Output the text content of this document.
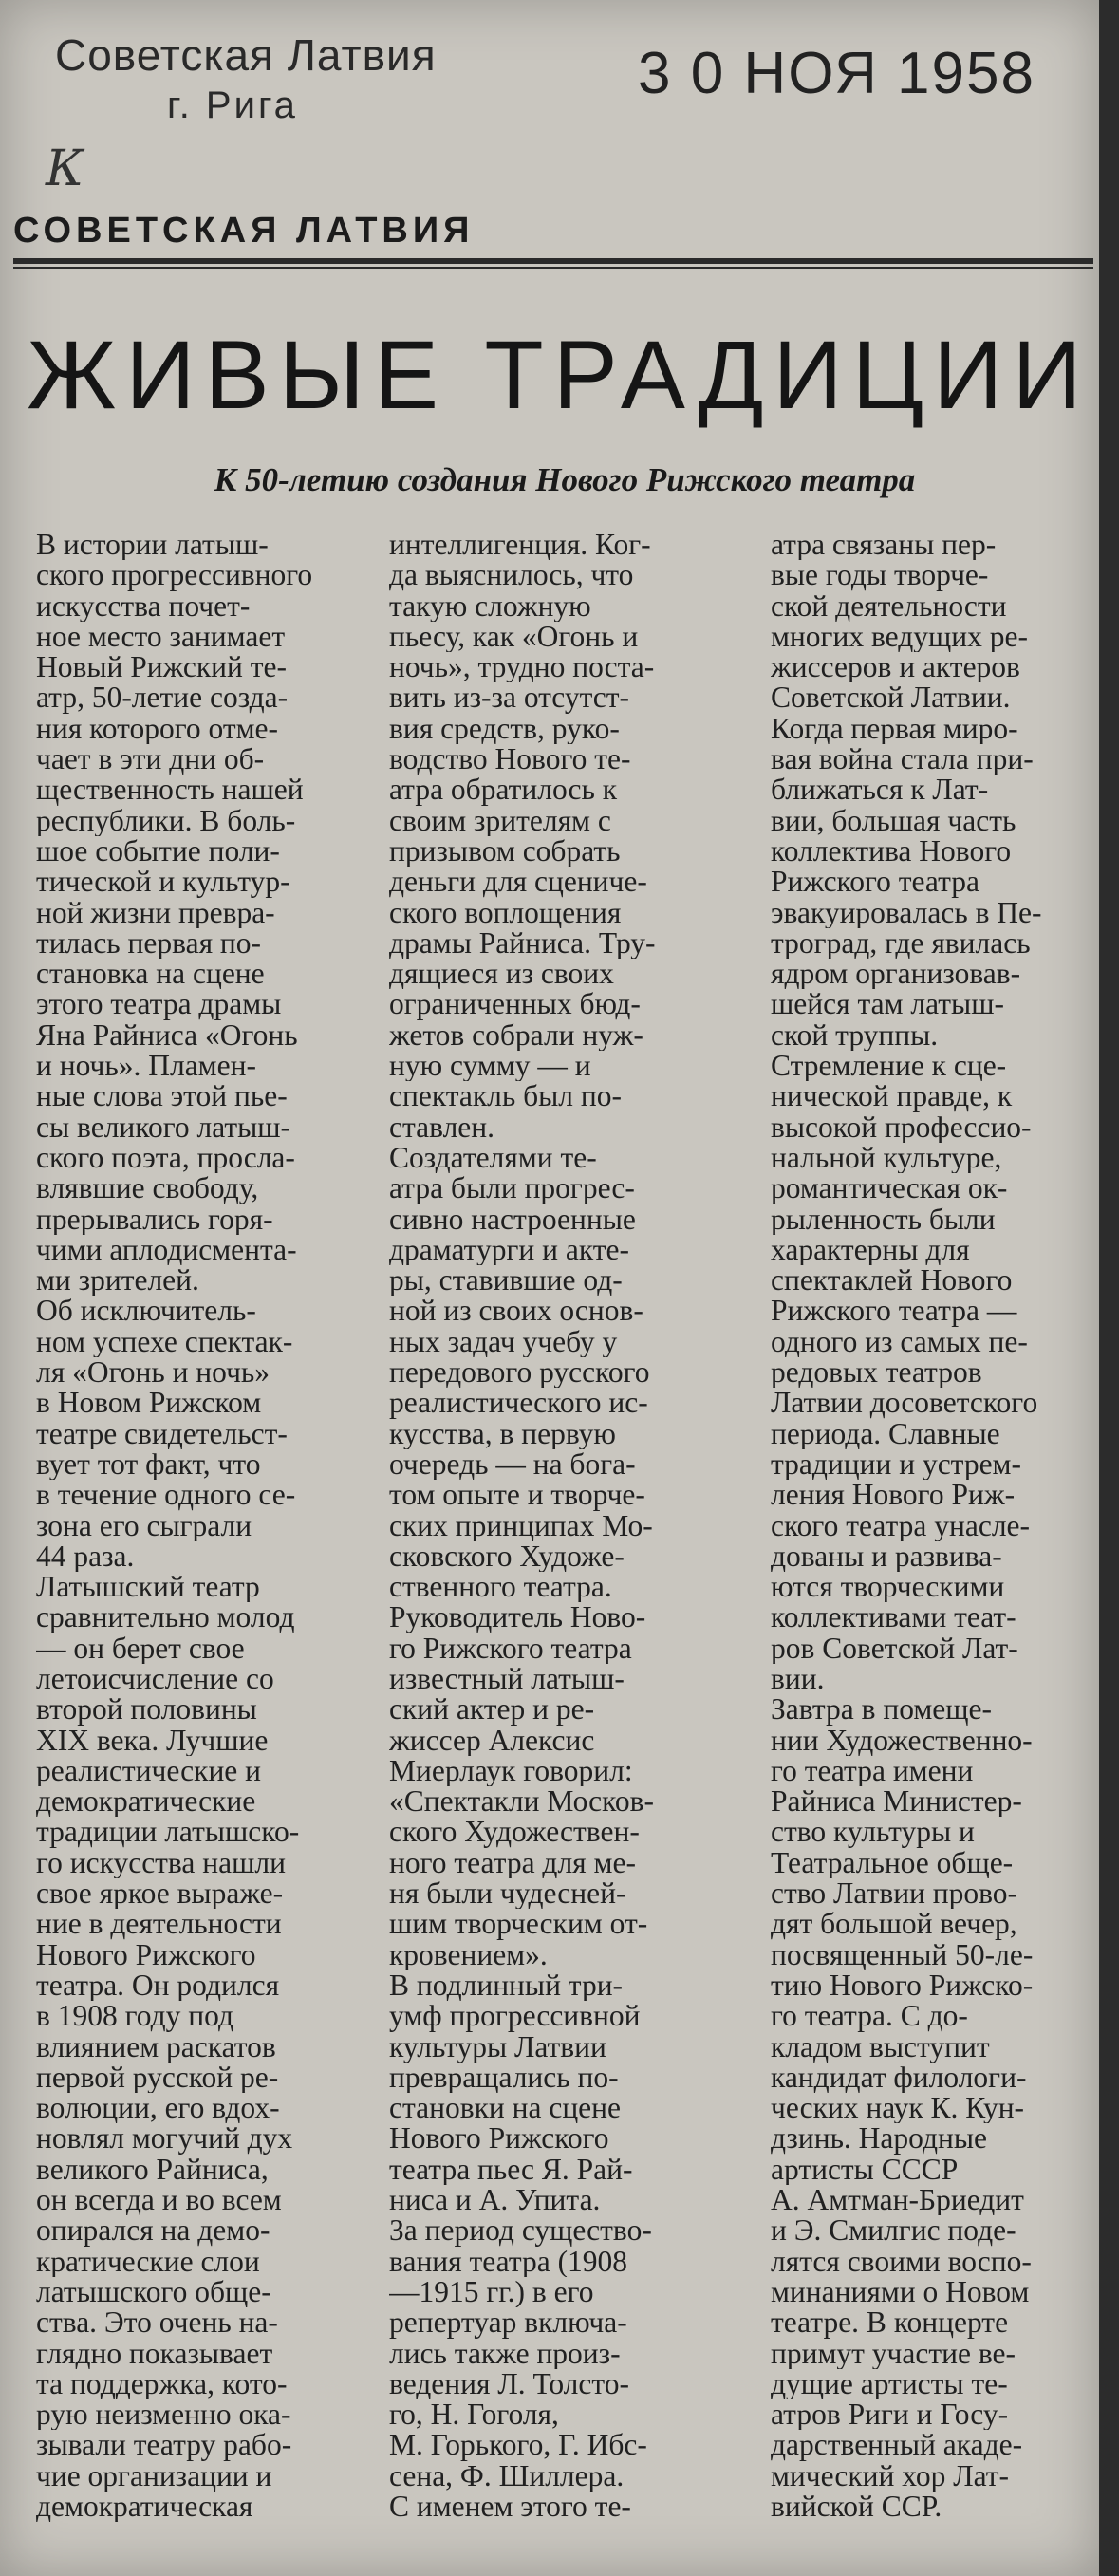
Советская Латвия
г. Рига	3 0 НОЯ 1958
К
СОВЕТСКАЯ ЛАТВИЯ
ЖИВЫЕ ТРАДИЦИИ
К 50-летию создания Нового Рижского театра
В истории латыш-
ского прогрессивного
искусства почет-
ное место занимает
Новый Рижский те-
атр, 50-летие созда-
ния которого отме-
чает в эти дни об-
щественность нашей
республики. В боль-
шое событие поли-
тической и культур-
ной жизни превра-
тилась первая по-
становка на сцене
этого театра драмы
Яна Райниса «Огонь
и ночь». Пламен-
ные слова этой пье-
сы великого латыш-
ского поэта, просла-
влявшие свободу,
прерывались горя-
чими аплодисмента-
ми зрителей.
Об исключитель-
ном успехе спектак-
ля «Огонь и ночь»
в Новом Рижском
театре свидетельст-
вует тот факт, что
в течение одного се-
зона его сыграли
44 раза.
Латышский театр
сравнительно молод
— он берет свое
летоисчисление со
второй половины
XIX века. Лучшие
реалистические и
демократические
традиции латышско-
го искусства нашли
свое яркое выраже-
ние в деятельности
Нового Рижского
театра. Он родился
в 1908 году под
влиянием раскатов
первой русской ре-
волюции, его вдох-
новлял могучий дух
великого Райниса,
он всегда и во всем
опирался на демо-
кратические слои
латышского обще-
ства. Это очень на-
глядно показывает
та поддержка, кото-
рую неизменно ока-
зывали театру рабо-
чие организации и
демократическая
интеллигенция. Ког-
да выяснилось, что
такую сложную
пьесу, как «Огонь и
ночь», трудно поста-
вить из-за отсутст-
вия средств, руко-
водство Нового те-
атра обратилось к
своим зрителям с
призывом собрать
деньги для сцениче-
ского воплощения
драмы Райниса. Тру-
дящиеся из своих
ограниченных бюд-
жетов собрали нуж-
ную сумму — и
спектакль был по-
ставлен.
Создателями те-
атра были прогрес-
сивно настроенные
драматурги и акте-
ры, ставившие од-
ной из своих основ-
ных задач учебу у
передового русского
реалистического ис-
кусства, в первую
очередь — на бога-
том опыте и творче-
ских принципах Мо-
сковского Художе-
ственного театра.
Руководитель Ново-
го Рижского театра
известный латыш-
ский актер и ре-
жиссер Алексис
Миерлаук говорил:
«Спектакли Москов-
ского Художествен-
ного театра для ме-
ня были чудесней-
шим творческим от-
кровением».
В подлинный три-
умф прогрессивной
культуры Латвии
превращались по-
становки на сцене
Нового Рижского
театра пьес Я. Рай-
ниса и А. Упита.
За период существо-
вания театра (1908
—1915 гг.) в его
репертуар включа-
лись также произ-
ведения Л. Толсто-
го, Н. Гоголя,
М. Горького, Г. Ибс-
сена, Ф. Шиллера.
С именем этого те-
атра связаны пер-
вые годы творче-
ской деятельности
многих ведущих ре-
жиссеров и актеров
Советской Латвии.
Когда первая миро-
вая война стала при-
ближаться к Лат-
вии, большая часть
коллектива Нового
Рижского театра
эвакуировалась в Пе-
троград, где явилась
ядром организовав-
шейся там латыш-
ской труппы.
Стремление к сце-
нической правде, к
высокой профессио-
нальной культуре,
романтическая ок-
рыленность были
характерны для
спектаклей Нового
Рижского театра —
одного из самых пе-
редовых театров
Латвии досоветского
периода. Славные
традиции и устрем-
ления Нового Риж-
ского театра унасле-
дованы и развива-
ются творческими
коллективами теат-
ров Советской Лат-
вии.
Завтра в помеще-
нии Художественно-
го театра имени
Райниса Министер-
ство культуры и
Театральное обще-
ство Латвии прово-
дят большой вечер,
посвященный 50-ле-
тию Нового Рижско-
го театра. С до-
кладом выступит
кандидат филологи-
ческих наук К. Кун-
дзинь. Народные
артисты СССР
А. Амтман-Бриедит
и Э. Смилгис поде-
лятся своими воспо-
минаниями о Новом
театре. В концерте
примут участие ве-
дущие артисты те-
атров Риги и Госу-
дарственный акаде-
мический хор Лат-
вийской ССР.
